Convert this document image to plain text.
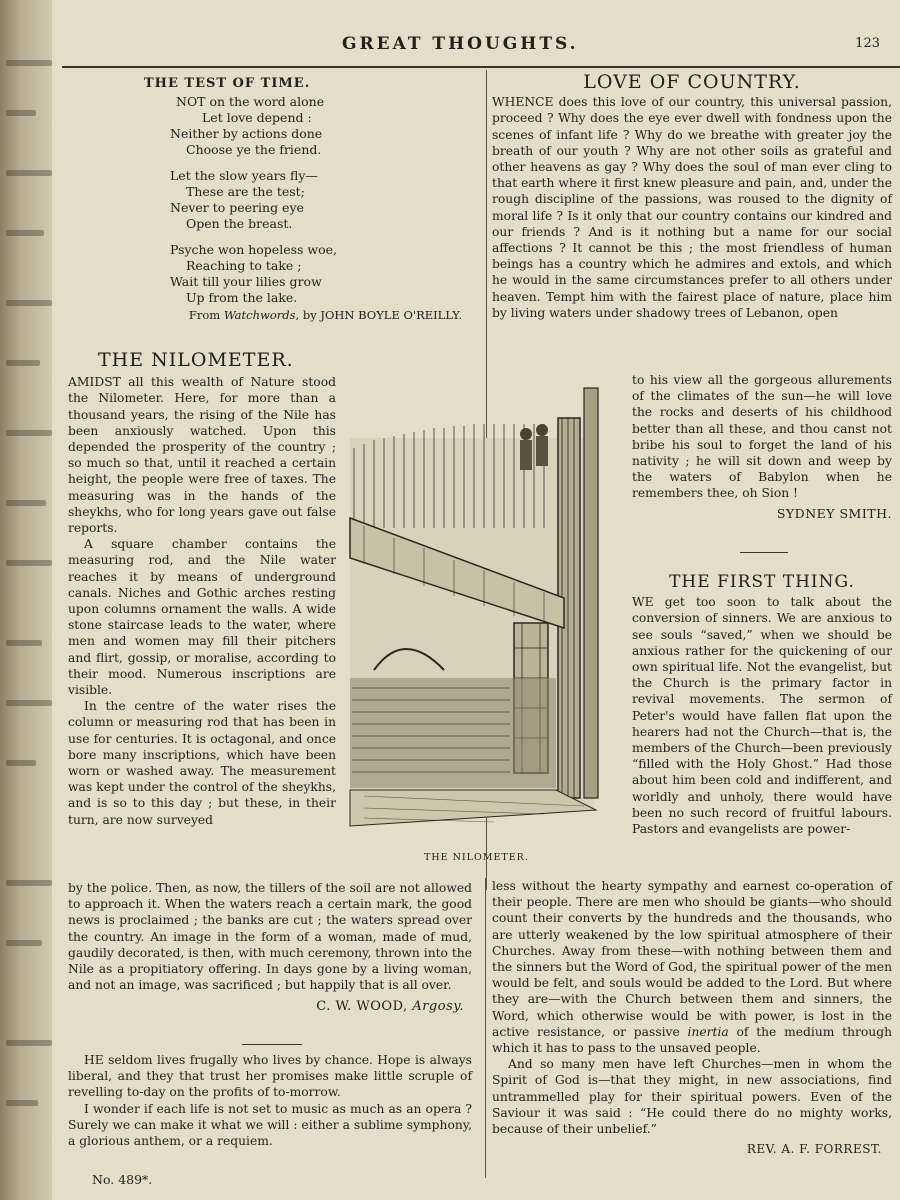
GREAT THOUGHTS.	123
THE TEST OF TIME.
NOT on the word alone
Let love depend :
Neither by actions done
Choose ye the friend.
Let the slow years fly—
These are the test;
Never to peering eye
Open the breast.
Psyche won hopeless woe,
Reaching to take ;
Wait till your lilies grow
Up from the lake.
From Watchwords, by JOHN BOYLE O'REILLY.
THE NILOMETER.

AMIDST all this wealth of Nature stood the Nilometer. Here, for more than a thousand years, the rising of the Nile has been anxiously watched. Upon this depended the prosperity of the country ; so much so that, until it reached a certain height, the people were free of taxes. The measuring was in the hands of the sheykhs, who for long years gave out false reports.

A square chamber contains the measuring rod, and the Nile water reaches it by means of underground canals. Niches and Gothic arches resting upon columns ornament the walls. A wide stone staircase leads to the water, where men and women may fill their pitchers and flirt, gossip, or moralise, according to their mood. Numerous inscriptions are visible.

In the centre of the water rises the column or measuring rod that has been in use for centuries. It is octagonal, and once bore many inscriptions, which have been worn or washed away. The measurement was kept under the control of the sheykhs, and is so to this day ; but these, in their turn, are now surveyed

THE NILOMETER.

by the police. Then, as now, the tillers of the soil are not allowed to approach it. When the waters reach a certain mark, the good news is proclaimed ; the banks are cut ; the waters spread over the country. An image in the form of a woman, made of mud, gaudily decorated, is then, with much ceremony, thrown into the Nile as a propitiatory offering. In days gone by a living woman, and not an image, was sacrificed ; but happily that is all over.

C. W. WOOD, Argosy.

HE seldom lives frugally who lives by chance. Hope is always liberal, and they that trust her promises make little scruple of revelling to-day on the profits of to-morrow.

I wonder if each life is not set to music as much as an opera ? Surely we can make it what we will : either a sublime symphony, a glorious anthem, or a requiem.

No. 489*.
LOVE OF COUNTRY.

WHENCE does this love of our country, this universal passion, proceed ? Why does the eye ever dwell with fondness upon the scenes of infant life ? Why do we breathe with greater joy the breath of our youth ? Why are not other soils as grateful and other heavens as gay ? Why does the soul of man ever cling to that earth where it first knew pleasure and pain, and, under the rough discipline of the passions, was roused to the dignity of moral life ? Is it only that our country contains our kindred and our friends ? And is it nothing but a name for our social affections ? It cannot be this ; the most friendless of human beings has a country which he admires and extols, and which he would in the same circumstances prefer to all others under heaven. Tempt him with the fairest place of nature, place him by living waters under shadowy trees of Lebanon, open

to his view all the gorgeous allurements of the climates of the sun—he will love the rocks and deserts of his childhood better than all these, and thou canst not bribe his soul to forget the land of his nativity ; he will sit down and weep by the waters of Babylon when he remembers thee, oh Sion !

SYDNEY SMITH.
THE FIRST THING.

WE get too soon to talk about the conversion of sinners. We are anxious to see souls “saved,” when we should be anxious rather for the quickening of our own spiritual life. Not the evangelist, but the Church is the primary factor in revival movements. The sermon of Peter's would have fallen flat upon the hearers had not the Church—that is, the members of the Church—been previously “filled with the Holy Ghost.” Had those about him been cold and indifferent, and worldly and unholy, there would have been no such record of fruitful labours. Pastors and evangelists are power-

less without the hearty sympathy and earnest co-operation of their people. There are men who should be giants—who should count their converts by the hundreds and the thousands, who are utterly weakened by the low spiritual atmosphere of their Churches. Away from these—with nothing between them and the sinners but the Word of God, the spiritual power of the men would be felt, and souls would be added to the Lord. But where they are—with the Church between them and sinners, the Word, which otherwise would be with power, is lost in the active resistance, or passive inertia of the medium through which it has to pass to the unsaved people.

And so many men have left Churches—men in whom the Spirit of God is—that they might, in new associations, find untrammelled play for their spiritual powers. Even of the Saviour it was said : “He could there do no mighty works, because of their unbelief.”

REV. A. F. FORREST.
